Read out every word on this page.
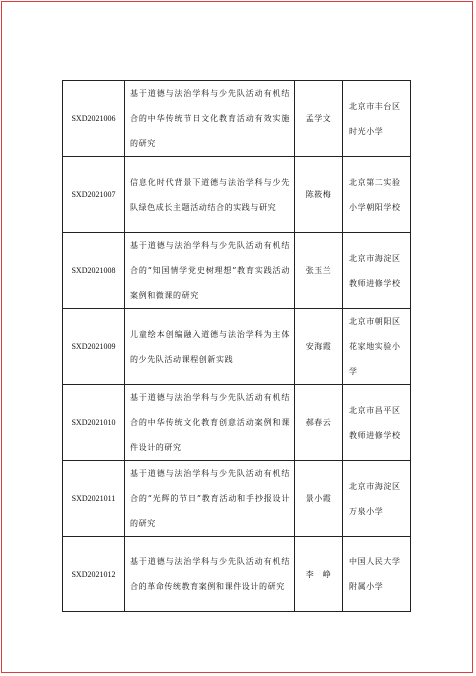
SXD2021006	基于道德与法治学科与少先队活动有机结合的中华传统节日文化教育活动有效实施的研究	孟学文	北京市丰台区时光小学
SXD2021007	信息化时代背景下道德与法治学科与少先队绿色成长主题活动结合的实践与研究	陈筱梅	北京第二实验小学朝阳学校
SXD2021008	基于道德与法治学科与少先队活动有机结合的“知国情学党史树理想”教育实践活动案例和微课的研究	张玉兰	北京市海淀区教师进修学校
SXD2021009	儿童绘本创编融入道德与法治学科为主体的少先队活动课程创新实践	安海霞	北京市朝阳区花家地实验小学
SXD2021010	基于道德与法治学科与少先队活动有机结合的中华传统文化教育创意活动案例和课件设计的研究	郝春云	北京市昌平区教师进修学校
SXD2021011	基于道德与法治学科与少先队活动有机结合的“光辉的节日”教育活动和手抄报设计的研究	景小霞	北京市海淀区万泉小学
SXD2021012	基于道德与法治学科与少先队活动有机结合的革命传统教育案例和课件设计的研究	李　峥	中国人民大学附属小学
